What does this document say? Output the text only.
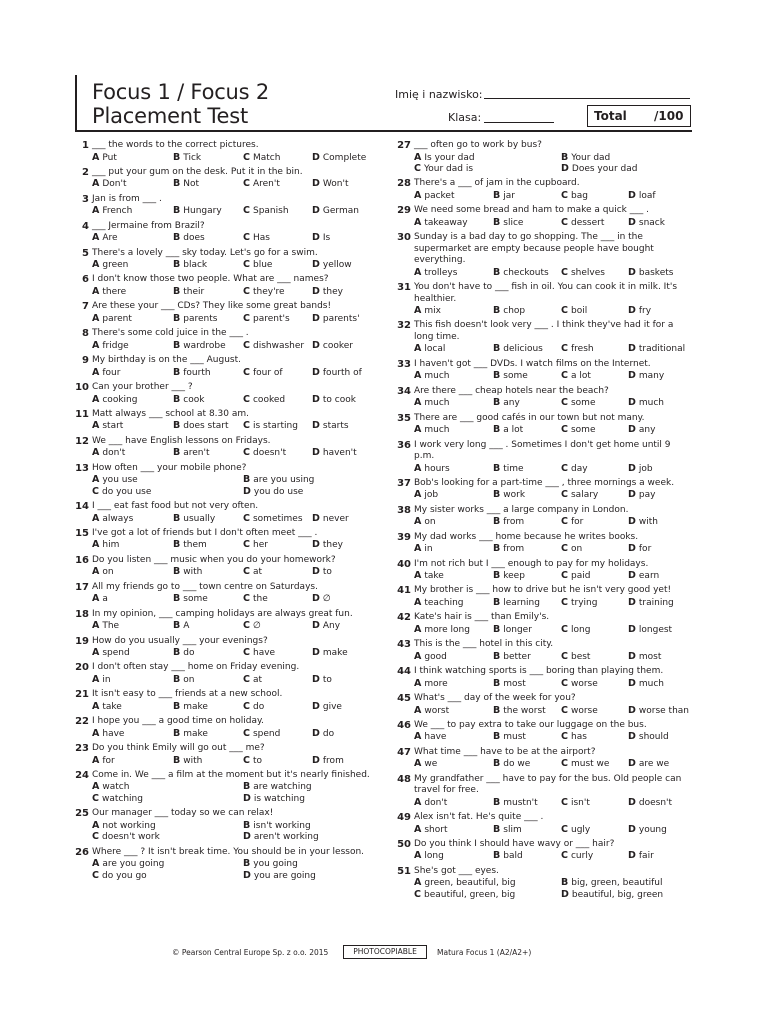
Focus 1 / Focus 2
Placement Test
Imię i nazwisko:
Klasa:	Total /100
1 ___ the words to the correct pictures.
A Put	B Tick	C Match	D Complete
2 ___ put your gum on the desk. Put it in the bin.
A Don't	B Not	C Aren't	D Won't
3 Jan is from ___ .
A French	B Hungary C Spanish D German
4 ___ Jermaine from Brazil?
A Are	B does	C Has	D Is
5 There's a lovely ___ sky today. Let's go for a swim.
A green	B black	C blue	D yellow
6 I don't know those two people. What are ___ names?
A there	B their	C they're	D they
7 Are these your ___ CDs? They like some great bands!
A parent	B parents	C parent's D parents'
8 There's some cold juice in the ___ .
A fridge	B wardrobe C dishwasher D cooker
9 My birthday is on the ___ August.
A four	B fourth	C four of	D fourth of
10 Can your brother ___ ?
A cooking	B cook	C cooked	D to cook
11 Matt always ___ school at 8.30 am.
A start	B does start C is starting D starts
12 We ___ have English lessons on Fridays.
A don't	B aren't	C doesn't	D haven't
13 How often ___ your mobile phone?
A you use	B are you using
C do you use	D you do use
14 I ___ eat fast food but not very often.
A always	B usually	C sometimes D never
15 I've got a lot of friends but I don't often meet ___ .
A him	B them	C her	D they
16 Do you listen ___ music when you do your homework?
A on	B with	C at	D to
17 All my friends go to ___ town centre on Saturdays.
A a	B some	C the	D ∅
18 In my opinion, ___ camping holidays are always great fun.
A The	B A	C ∅	D Any
19 How do you usually ___ your evenings?
A spend	B do	C have	D make
20 I don't often stay ___ home on Friday evening.
A in	B on	C at	D to
21 It isn't easy to ___ friends at a new school.
A take	B make	C do	D give
22 I hope you ___ a good time on holiday.
A have	B make	C spend	D do
23 Do you think Emily will go out ___ me?
A for	B with	C to	D from
24 Come in. We ___ a film at the moment but it's nearly finished.
A watch	B are watching
C watching	D is watching
25 Our manager ___ today so we can relax!
A not working	B isn't working
C doesn't work	D aren't working
26 Where ___ ? It isn't break time. You should be in your lesson.
A are you going	B you going
C do you go	D you are going
27 ___ often go to work by bus?
A Is your dad	B Your dad
C Your dad is	D Does your dad
28 There's a ___ of jam in the cupboard.
A packet	B jar	C bag	D loaf
29 We need some bread and ham to make a quick ___ .
A takeaway	B slice	C dessert D snack
30 Sunday is a bad day to go shopping. The ___ in the supermarket are empty because people have bought everything.
A trolleys	B checkouts C shelves D baskets
31 You don't have to ___ fish in oil. You can cook it in milk. It's healthier.
A mix	B chop	C boil	D fry
32 This fish doesn't look very ___ . I think they've had it for a long time.
A local	B delicious C fresh	D traditional
33 I haven't got ___ DVDs. I watch films on the Internet.
A much	B some	C a lot	D many
34 Are there ___ cheap hotels near the beach?
A much	B any	C some	D much
35 There are ___ good cafés in our town but not many.
A much	B a lot	C some	D any
36 I work very long ___ . Sometimes I don't get home until 9 p.m.
A hours	B time	C day	D job
37 Bob's looking for a part-time ___ , three mornings a week.
A job	B work	C salary	D pay
38 My sister works ___ a large company in London.
A on	B from	C for	D with
39 My dad works ___ home because he writes books.
A in	B from	C on	D for
40 I'm not rich but I ___ enough to pay for my holidays.
A take	B keep	C paid	D earn
41 My brother is ___ how to drive but he isn't very good yet!
A teaching	B learning C trying	D training
42 Kate's hair is ___ than Emily's.
A more long B longer	C long	D longest
43 This is the ___ hotel in this city.
A good	B better	C best	D most
44 I think watching sports is ___ boring than playing them.
A more	B most	C worse	D much
45 What's ___ day of the week for you?
A worst	B the worst C worse	D worse than
46 We ___ to pay extra to take our luggage on the bus.
A have	B must	C has	D should
47 What time ___ have to be at the airport?
A we	B do we	C must we D are we
48 My grandfather ___ have to pay for the bus. Old people can travel for free.
A don't	B mustn't C isn't	D doesn't
49 Alex isn't fat. He's quite ___ .
A short	B slim	C ugly	D young
50 Do you think I should have wavy or ___ hair?
A long	B bald	C curly	D fair
51 She's got ___ eyes.
A green, beautiful, big	B big, green, beautiful
C beautiful, green, big	D beautiful, big, green
© Pearson Central Europe Sp. z o.o. 2015	Matura Focus 1 (A2/A2+)
PHOTOCOPIABLE
